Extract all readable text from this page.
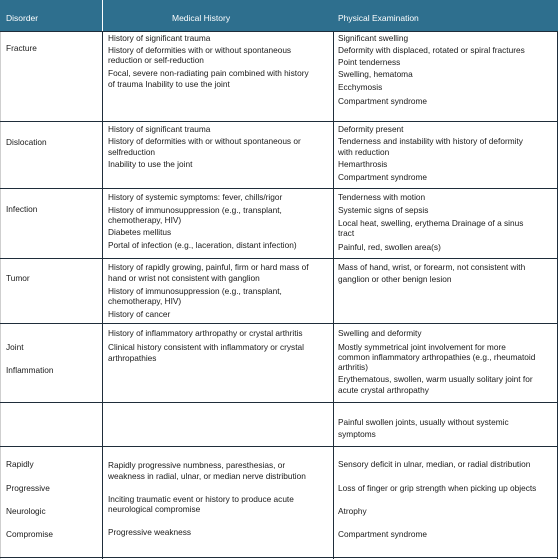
Disorder	Medical History	Physical Examination
Fracture
History of significant trauma
History of deformities with or without spontaneous
reduction or self-reduction
Focal, severe non-radiating pain combined with history
of trauma Inability to use the joint
Significant swelling
Deformity with displaced, rotated or spiral fractures
Point tenderness
Swelling, hematoma
Ecchymosis
Compartment syndrome
Dislocation
History of significant trauma
History of deformities with or without spontaneous or
selfreduction
Inability to use the joint
Deformity present
Tenderness and instability with history of deformity
with reduction
Hemarthrosis
Compartment syndrome
Infection
History of systemic symptoms: fever, chills/rigor
History of immunosuppression (e.g., transplant,
chemotherapy, HIV)
Diabetes mellitus
Portal of infection (e.g., laceration, distant infection)
Tenderness with motion
Systemic signs of sepsis
Local heat, swelling, erythema Drainage of a sinus
tract
Painful, red, swollen area(s)
Tumor
History of rapidly growing, painful, firm or hard mass of
hand or wrist not consistent with ganglion
History of immunosuppression (e.g., transplant,
chemotherapy, HIV)
History of cancer
Mass of hand, wrist, or forearm, not consistent with
ganglion or other benign lesion
Joint
Inflammation
History of inflammatory arthropathy or crystal arthritis
Clinical history consistent with inflammatory or crystal
arthropathies
Swelling and deformity
Mostly symmetrical joint involvement for more
common inflammatory arthropathies (e.g., rheumatoid
arthritis)
Erythematous, swollen, warm usually solitary joint for
acute crystal arthropathy
Painful swollen joints, usually without systemic
symptoms
Rapidly
Progressive
Neurologic
Compromise
Rapidly progressive numbness, paresthesias, or
weakness in radial, ulnar, or median nerve distribution
Inciting traumatic event or history to produce acute
neurological compromise
Progressive weakness
Sensory deficit in ulnar, median, or radial distribution
Loss of finger or grip strength when picking up objects
Atrophy
Compartment syndrome
